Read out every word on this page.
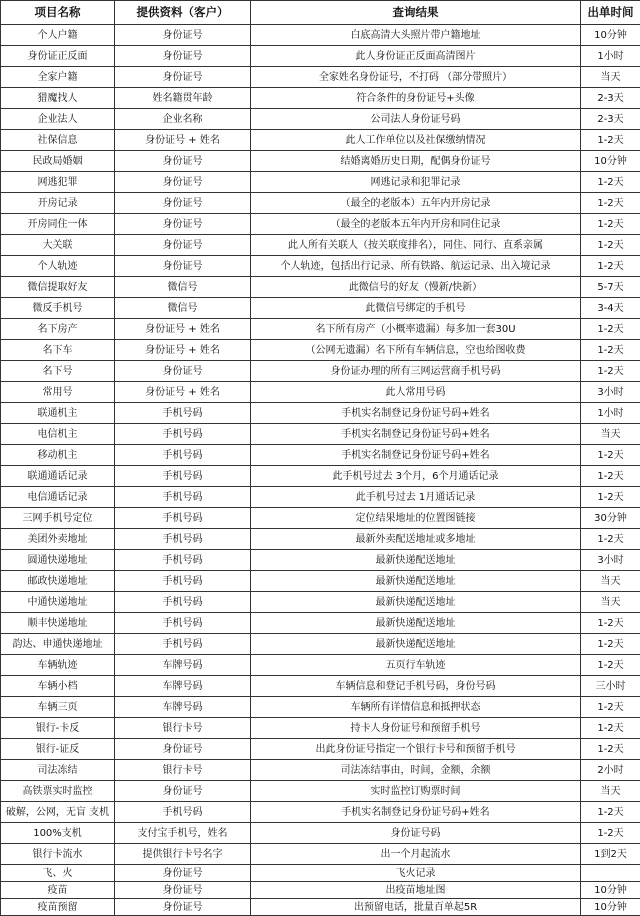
项目名称	提供资料（客户）	查询结果	出单时间
个人户籍	身份证号	白底高清大头照片带户籍地址	10分钟
身份证正反面	身份证号	此人身份证正反面高清图片	1小时
全家户籍	身份证号	全家姓名身份证号，不打码 （部分带照片）	当天
猎魔找人	姓名籍贯年龄	符合条件的身份证号+头像	2-3天
企业法人	企业名称	公司法人身份证号码	2-3天
社保信息	身份证号 + 姓名	此人工作单位以及社保缴纳情况	1-2天
民政局婚姻	身份证号	结婚离婚历史日期，配偶身份证号	10分钟
网逃犯罪	身份证号	网逃记录和犯罪记录	1-2天
开房记录	身份证号	（最全的老版本）五年内开房记录	1-2天
开房同住一体	身份证号	（最全的老版本五年内开房和同住记录	1-2天
大关联	身份证号	此人所有关联人（按关联度排名），同住、同行、直系亲属	1-2天
个人轨迹	身份证号	个人轨迹，包括出行记录、所有铁路、航运记录、出入境记录	1-2天
微信提取好友	微信号	此微信号的好友（慢新/快新）	5-7天
微反手机号	微信号	此微信号绑定的手机号	3-4天
名下房产	身份证号 + 姓名	名下所有房产（小概率遗漏）每多加一套30U	1-2天
名下车	身份证号 + 姓名	（公网无遗漏）名下所有车辆信息，空也给图收费	1-2天
名下号	身份证号	身份证办理的所有三网运营商手机号码	1-2天
常用号	身份证号 + 姓名	此人常用号码	3小时
联通机主	手机号码	手机实名制登记身份证号码+姓名	1小时
电信机主	手机号码	手机实名制登记身份证号码+姓名	当天
移动机主	手机号码	手机实名制登记身份证号码+姓名	1-2天
联通通话记录	手机号码	此手机号过去 3个月，6个月通话记录	1-2天
电信通话记录	手机号码	此手机号过去 1月通话记录	1-2天
三网手机号定位	手机号码	定位结果地址的位置图链接	30分钟
美团外卖地址	手机号码	最新外卖配送地址或多地址	1-2天
圆通快递地址	手机号码	最新快递配送地址	3小时
邮政快递地址	手机号码	最新快递配送地址	当天
中通快递地址	手机号码	最新快递配送地址	当天
顺丰快递地址	手机号码	最新快递配送地址	1-2天
韵达、申通快递地址	手机号码	最新快递配送地址	1-2天
车辆轨迹	车牌号码	五页行车轨迹	1-2天
车辆小档	车牌号码	车辆信息和登记手机号码，身份号码	三小时
车辆三页	车牌号码	车辆所有详情信息和抵押状态	1-2天
银行-卡反	银行卡号	持卡人身份证号和预留手机号	1-2天
银行-证反	身份证号	出此身份证号指定一个银行卡号和预留手机号	1-2天
司法冻结	银行卡号	司法冻结事由，时间，金额，余额	2小时
高铁票实时监控	身份证号	实时监控订购票时间	当天
破解，公网，无盲 支机	手机号码	手机实名制登记身份证号码+姓名	1-2天
100%支机	支付宝手机号，姓名	身份证号码	1-2天
银行卡流水	提供银行卡号名字	出一个月起流水	1到2天
飞、火	身份证号	飞火记录	
疫苗	身份证号	出疫苗地址图	10分钟
疫苗预留	身份证号	出预留电话，批量百单起5R	10分钟
